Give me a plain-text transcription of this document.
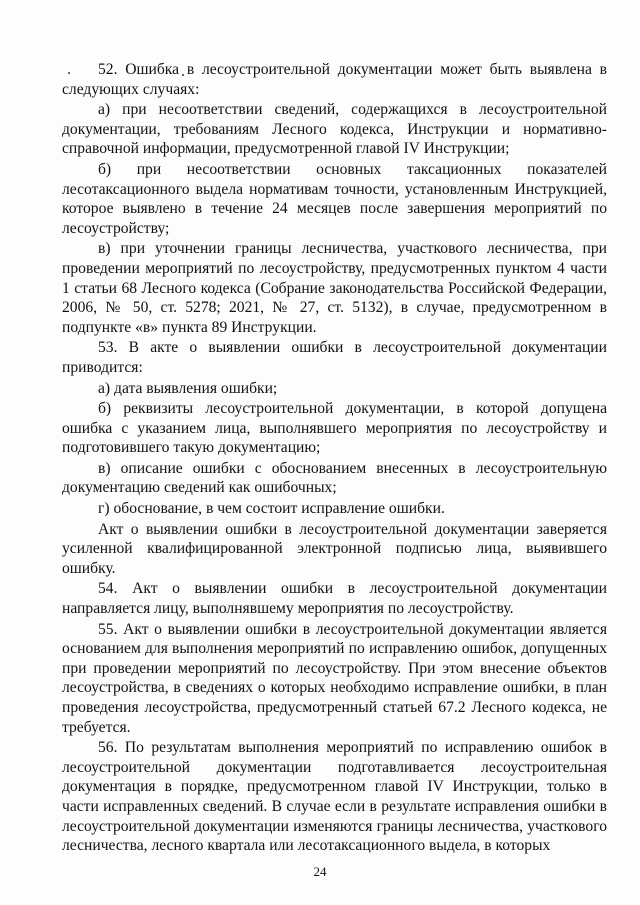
52. Ошибка в лесоустроительной документации может быть выявлена в следующих случаях:

а) при несоответствии сведений, содержащихся в лесоустроительной документации, требованиям Лесного кодекса, Инструкции и нормативно-справочной информации, предусмотренной главой IV Инструкции;

б) при несоответствии основных таксационных показателей лесотаксационного выдела нормативам точности, установленным Инструкцией, которое выявлено в течение 24 месяцев после завершения мероприятий по лесоустройству;

в) при уточнении границы лесничества, участкового лесничества, при проведении мероприятий по лесоустройству, предусмотренных пунктом 4 части 1 статьи 68 Лесного кодекса (Собрание законодательства Российской Федерации, 2006, № 50, ст. 5278; 2021, № 27, ст. 5132), в случае, предусмотренном в подпункте «в» пункта 89 Инструкции.

53. В акте о выявлении ошибки в лесоустроительной документации приводится:

а) дата выявления ошибки;

б) реквизиты лесоустроительной документации, в которой допущена ошибка с указанием лица, выполнявшего мероприятия по лесоустройству и подготовившего такую документацию;

в) описание ошибки с обоснованием внесенных в лесоустроительную документацию сведений как ошибочных;

г) обоснование, в чем состоит исправление ошибки.

Акт о выявлении ошибки в лесоустроительной документации заверяется усиленной квалифицированной электронной подписью лица, выявившего ошибку.

54. Акт о выявлении ошибки в лесоустроительной документации направляется лицу, выполнявшему мероприятия по лесоустройству.

55. Акт о выявлении ошибки в лесоустроительной документации является основанием для выполнения мероприятий по исправлению ошибок, допущенных при проведении мероприятий по лесоустройству. При этом внесение объектов лесоустройства, в сведениях о которых необходимо исправление ошибки, в план проведения лесоустройства, предусмотренный статьей 67.2 Лесного кодекса, не требуется.

56. По результатам выполнения мероприятий по исправлению ошибок в лесоустроительной документации подготавливается лесоустроительная документация в порядке, предусмотренном главой IV Инструкции, только в части исправленных сведений. В случае если в результате исправления ошибки в лесоустроительной документации изменяются границы лесничества, участкового лесничества, лесного квартала или лесотаксационного выдела, в которых

24
